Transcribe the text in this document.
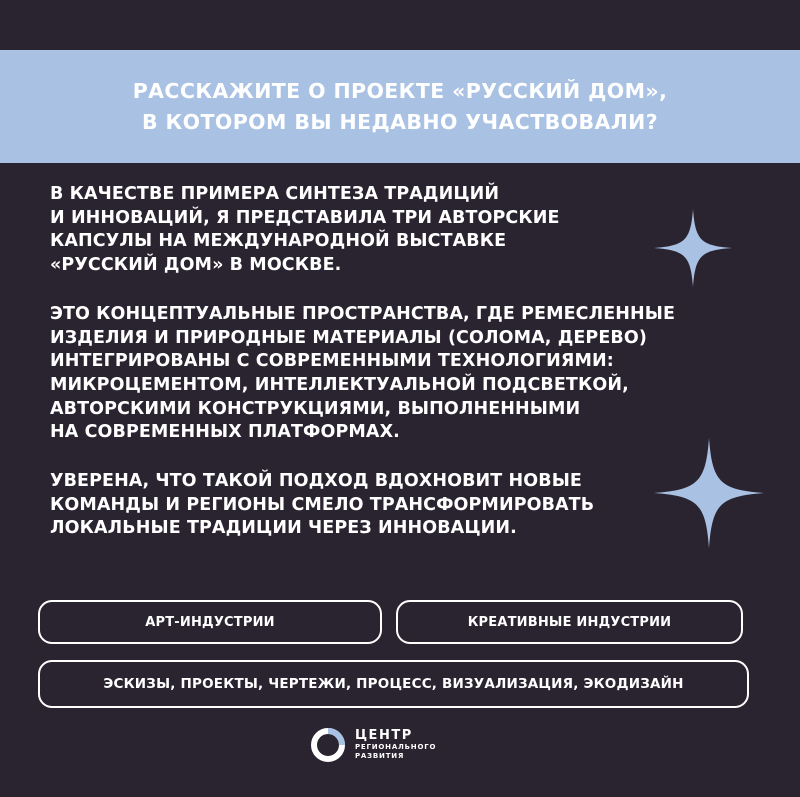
РАССКАЖИТЕ О ПРОЕКТЕ «РУССКИЙ ДОМ»,
В КОТОРОМ ВЫ НЕДАВНО УЧАСТВОВАЛИ?
В КАЧЕСТВЕ ПРИМЕРА СИНТЕЗА ТРАДИЦИЙ
И ИННОВАЦИЙ, Я ПРЕДСТАВИЛА ТРИ АВТОРСКИЕ
КАПСУЛЫ НА МЕЖДУНАРОДНОЙ ВЫСТАВКЕ
«РУССКИЙ ДОМ» В МОСКВЕ.
ЭТО КОНЦЕПТУАЛЬНЫЕ ПРОСТРАНСТВА, ГДЕ РЕМЕСЛЕННЫЕ
ИЗДЕЛИЯ И ПРИРОДНЫЕ МАТЕРИАЛЫ (СОЛОМА, ДЕРЕВО)
ИНТЕГРИРОВАНЫ С СОВРЕМЕННЫМИ ТЕХНОЛОГИЯМИ:
МИКРОЦЕМЕНТОМ, ИНТЕЛЛЕКТУАЛЬНОЙ ПОДСВЕТКОЙ,
АВТОРСКИМИ КОНСТРУКЦИЯМИ, ВЫПОЛНЕННЫМИ
НА СОВРЕМЕННЫХ ПЛАТФОРМАХ.
УВЕРЕНА, ЧТО ТАКОЙ ПОДХОД ВДОХНОВИТ НОВЫЕ
КОМАНДЫ И РЕГИОНЫ СМЕЛО ТРАНСФОРМИРОВАТЬ
ЛОКАЛЬНЫЕ ТРАДИЦИИ ЧЕРЕЗ ИННОВАЦИИ.
АРТ-ИНДУСТРИИ	КРЕАТИВНЫЕ ИНДУСТРИИ
ЭСКИЗЫ, ПРОЕКТЫ, ЧЕРТЕЖИ, ПРОЦЕСС, ВИЗУАЛИЗАЦИЯ, ЭКОДИЗАЙН
ЦЕНТР
РЕГИОНАЛЬНОГО
РАЗВИТИЯ
